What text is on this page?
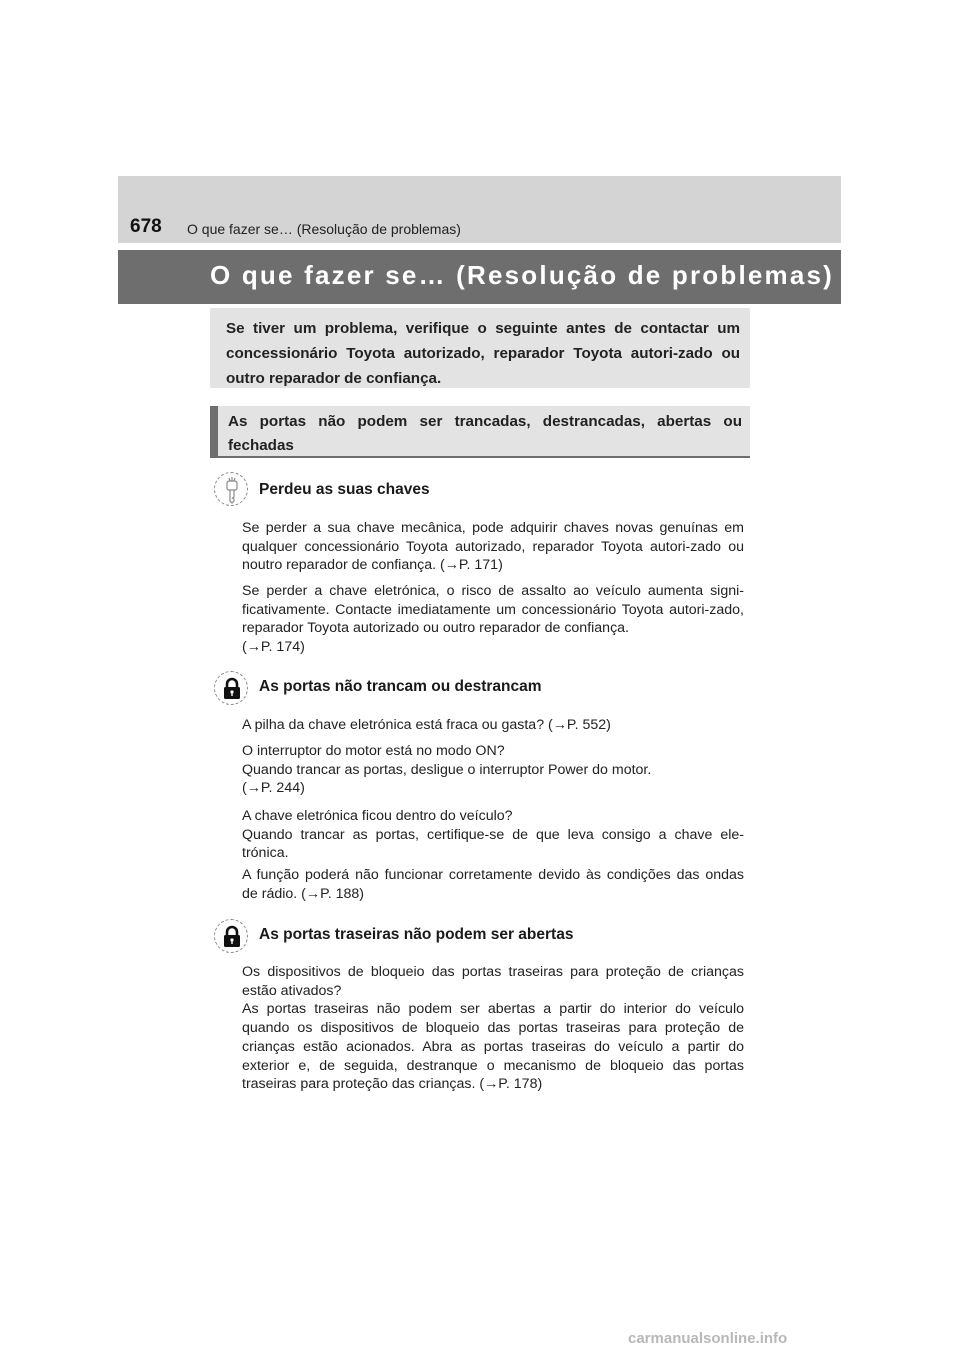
678 O que fazer se… (Resolução de problemas)
O que fazer se… (Resolução de problemas)
Se tiver um problema, verifique o seguinte antes de contactar um concessionário Toyota autorizado, reparador Toyota autori-zado ou outro reparador de confiança.
As portas não podem ser trancadas, destrancadas, abertas ou fechadas
Perdeu as suas chaves

Se perder a sua chave mecânica, pode adquirir chaves novas genuínas em qualquer concessionário Toyota autorizado, reparador Toyota autori-zado ou noutro reparador de confiança. (→P. 171)

Se perder a chave eletrónica, o risco de assalto ao veículo aumenta signi-ficativamente. Contacte imediatamente um concessionário Toyota autori-zado, reparador Toyota autorizado ou outro reparador de confiança.
(→P. 174)

As portas não trancam ou destrancam

A pilha da chave eletrónica está fraca ou gasta? (→P. 552)

O interruptor do motor está no modo ON?
Quando trancar as portas, desligue o interruptor Power do motor.
(→P. 244)

A chave eletrónica ficou dentro do veículo?
Quando trancar as portas, certifique-se de que leva consigo a chave ele-trónica.

A função poderá não funcionar corretamente devido às condições das ondas de rádio. (→P. 188)

As portas traseiras não podem ser abertas

Os dispositivos de bloqueio das portas traseiras para proteção de crianças estão ativados?
As portas traseiras não podem ser abertas a partir do interior do veículo quando os dispositivos de bloqueio das portas traseiras para proteção de crianças estão acionados. Abra as portas traseiras do veículo a partir do exterior e, de seguida, destranque o mecanismo de bloqueio das portas traseiras para proteção das crianças. (→P. 178)

carmanualsonline.info
